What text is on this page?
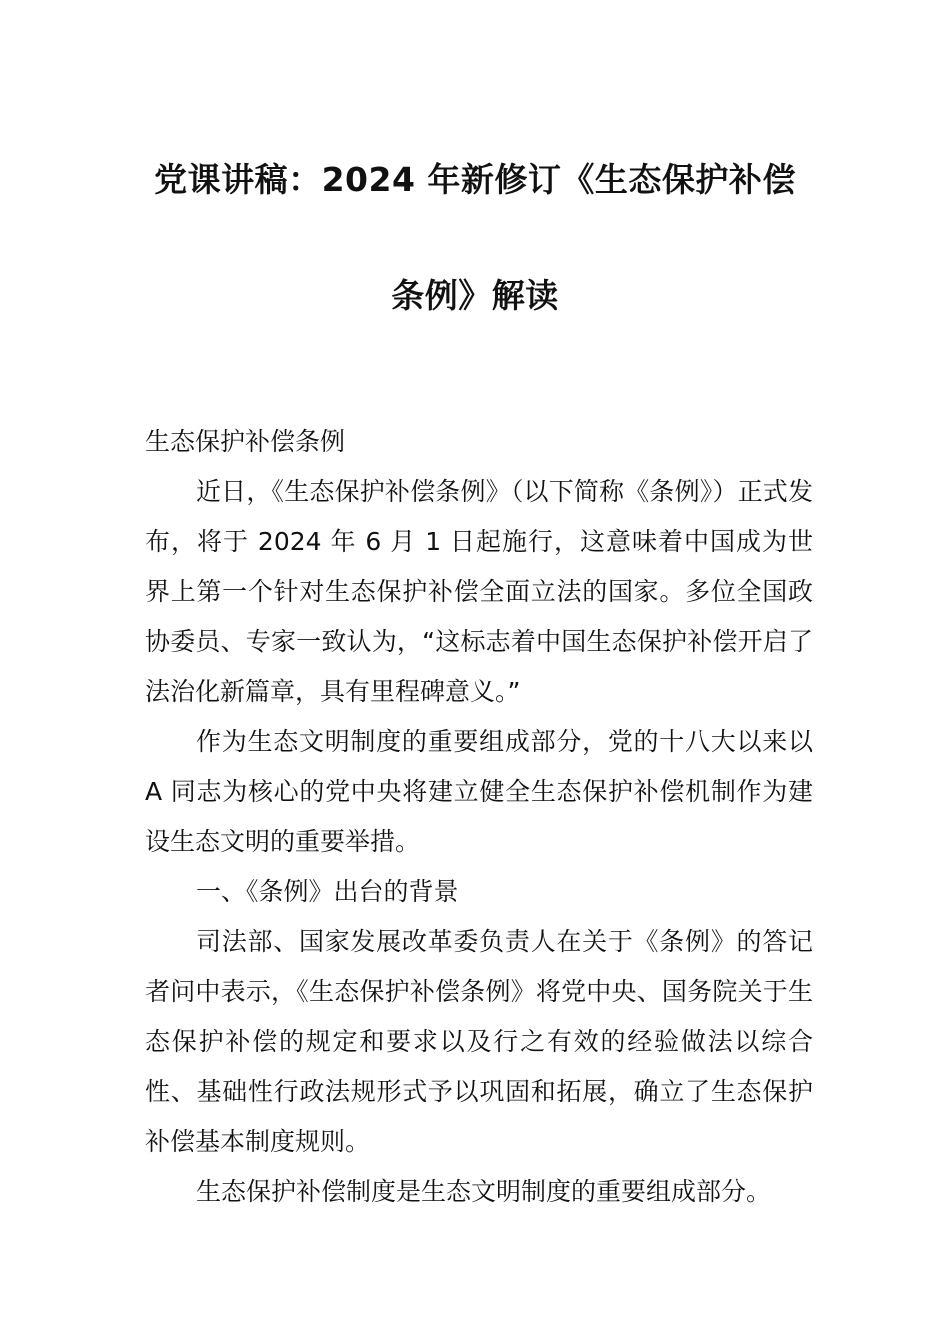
党课讲稿：2024 年新修订《生态保护补偿
条例》解读

生态保护补偿条例

近日，《生态保护补偿条例》（以下简称《条例》）正式发布，将于 2024 年 6 月 1 日起施行，这意味着中国成为世界上第一个针对生态保护补偿全面立法的国家。多位全国政协委员、专家一致认为，“这标志着中国生态保护补偿开启了法治化新篇章，具有里程碑意义。”

作为生态文明制度的重要组成部分，党的十八大以来以 A 同志为核心的党中央将建立健全生态保护补偿机制作为建设生态文明的重要举措。

一、《条例》出台的背景

司法部、国家发展改革委负责人在关于《条例》的答记者问中表示，《生态保护补偿条例》将党中央、国务院关于生态保护补偿的规定和要求以及行之有效的经验做法以综合性、基础性行政法规形式予以巩固和拓展，确立了生态保护补偿基本制度规则。

生态保护补偿制度是生态文明制度的重要组成部分。
